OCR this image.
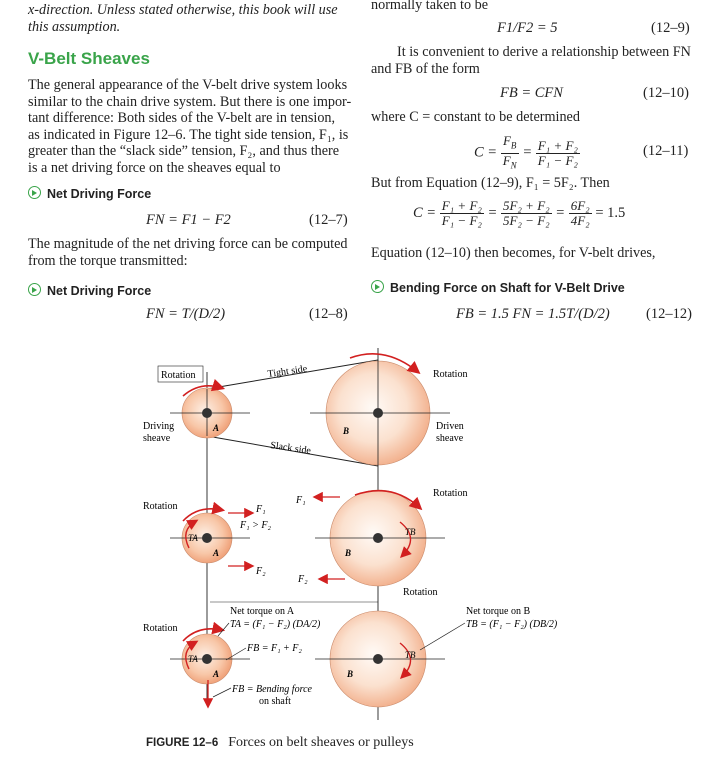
x-direction. Unless stated otherwise, this book will use
this assumption.
V-Belt Sheaves
The general appearance of the V-belt drive system looks
similar to the chain drive system. But there is one impor-
tant difference: Both sides of the V-belt are in tension,
as indicated in Figure 12–6. The tight side tension, F₁, is
greater than the “slack side” tension, F₂, and thus there
is a net driving force on the sheaves equal to
Net Driving Force
FN = F1 − F2	(12–7)
The magnitude of the net driving force can be computed
from the torque transmitted:
Net Driving Force
FN = T/(D/2)	(12–8)
normally taken to be
F1/F2 = 5	(12–9)
It is convenient to derive a relationship between FN
and FB of the form
FB = CFN	(12–10)
where C = constant to be determined
$C = \frac{F_B}{F_N} = \frac{\text{F₁ + F₂}}{\text{F₁ − F₂}}$	(12–11)
But from Equation (12–9), F₁ = 5F₂. Then
$C = \frac{\text{F₁ + F₂}}{\text{F₁ − F₂}} = \frac{\text{5F₂ + F₂}}{\text{5F₂ − F₂}} = \frac{\text{6F₂}}{\text{4F₂}} = 1.5$
Equation (12–10) then becomes, for V-belt drives,
Bending Force on Shaft for V-Belt Drive
FB = 1.5 FN = 1.5T/(D/2)	(12–12)
Rotation	Rotation
Tight side
Slack side
Driving
sheave
Driven
sheave
A	B
Rotation
Rotation
Rotation
F₁
F₁
F₁ > F₂
F₂
F₂
TA
TB
A	B
Rotation
TA	TB
A	B
Net torque on A
TA = (F₁ − F₂) (DA/2)
FB = F₁ + F₂
FB = Bending force
on shaft
Net torque on B
TB = (F₁ − F₂) (DB/2)
FIGURE 12–6 Forces on belt sheaves or pulleys
